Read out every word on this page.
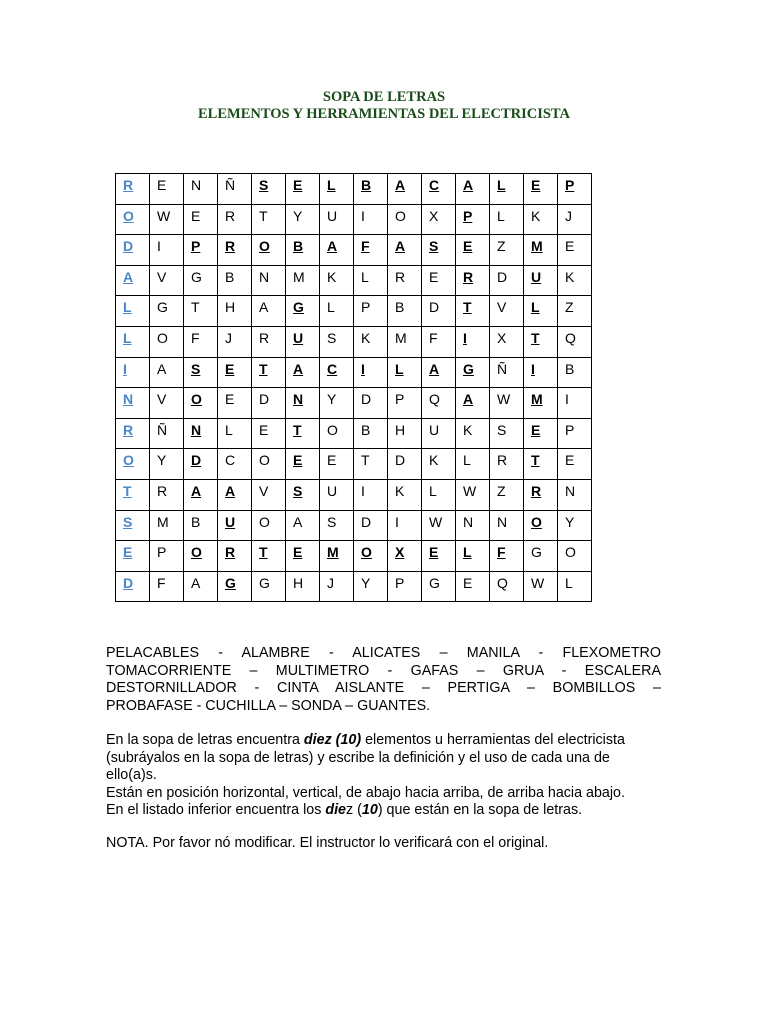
SOPA DE LETRAS
ELEMENTOS Y HERRAMIENTAS DEL ELECTRICISTA
R	E	N	Ñ	S	E	L	B	A	C	A	L	E	P
O	W	E	R	T	Y	U	I	O	X	P	L	K	J
D	I	P	R	O	B	A	F	A	S	E	Z	M	E
A	V	G	B	N	M	K	L	R	E	R	D	U	K
L	G	T	H	A	G	L	P	B	D	T	V	L	Z
L	O	F	J	R	U	S	K	M	F	I	X	T	Q
I	A	S	E	T	A	C	I	L	A	G	Ñ	I	B
N	V	O	E	D	N	Y	D	P	Q	A	W	M	I
R	Ñ	N	L	E	T	O	B	H	U	K	S	E	P
O	Y	D	C	O	E	E	T	D	K	L	R	T	E
T	R	A	A	V	S	U	I	K	L	W	Z	R	N
S	M	B	U	O	A	S	D	I	W	N	N	O	Y
E	P	O	R	T	E	M	O	X	E	L	F	G	O
D	F	A	G	G	H	J	Y	P	G	E	Q	W	L
PELACABLES - ALAMBRE - ALICATES – MANILA - FLEXOMETRO
TOMACORRIENTE – MULTIMETRO - GAFAS – GRUA - ESCALERA
DESTORNILLADOR - CINTA AISLANTE – PERTIGA – BOMBILLOS –
PROBAFASE - CUCHILLA – SONDA – GUANTES.
En la sopa de letras encuentra diez (10) elementos u herramientas del electricista (subráyalos en la sopa de letras) y escribe la definición y el uso de cada una de ello(a)s.
Están en posición horizontal, vertical, de abajo hacia arriba, de arriba hacia abajo.
En el listado inferior encuentra los diez (10) que están en la sopa de letras.
NOTA. Por favor nó modificar. El instructor lo verificará con el original.
